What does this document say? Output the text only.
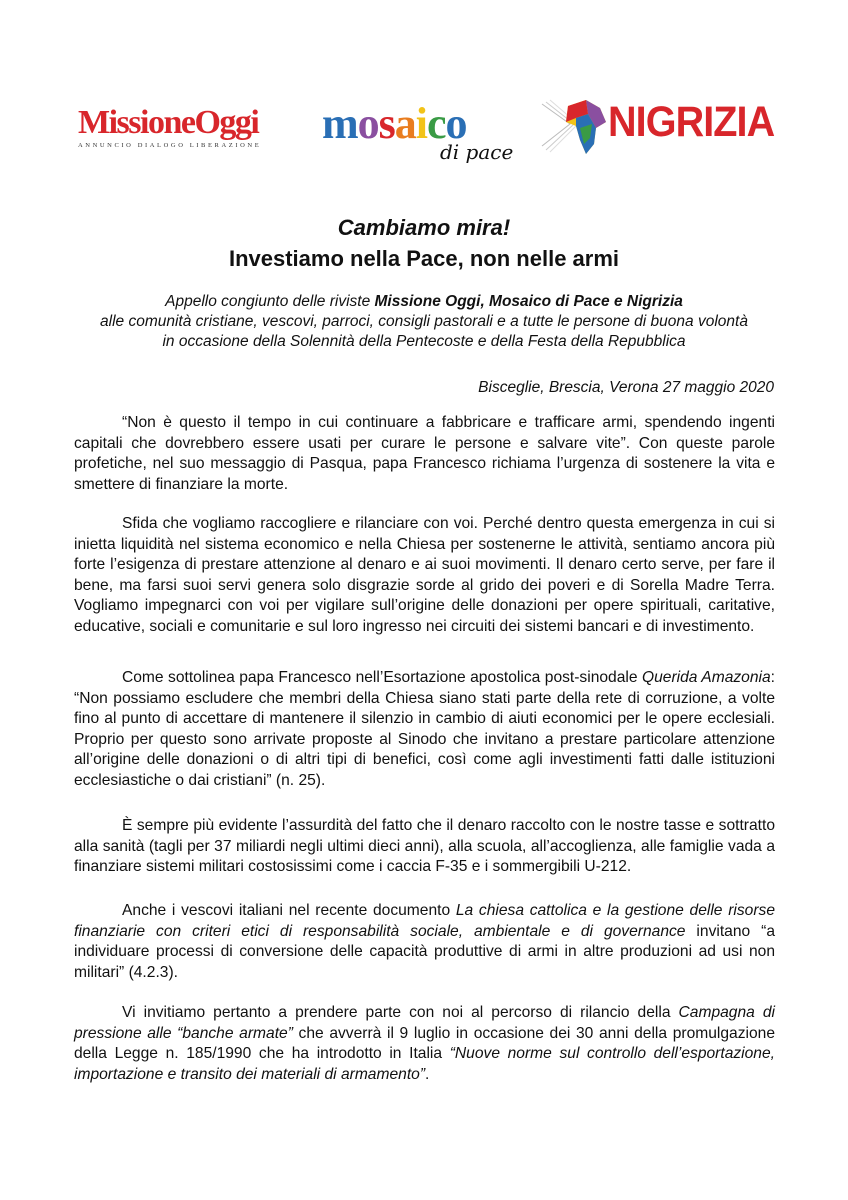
MissioneOggi
ANNUNCIO DIALOGO LIBERAZIONE mosaico
di pace
NIGRIZIA
Cambiamo mira!
Investiamo nella Pace, non nelle armi
Appello congiunto delle riviste Missione Oggi, Mosaico di Pace e Nigrizia
alle comunità cristiane, vescovi, parroci, consigli pastorali e a tutte le persone di buona volontà
in occasione della Solennità della Pentecoste e della Festa della Repubblica
Bisceglie, Brescia, Verona 27 maggio 2020

“Non è questo il tempo in cui continuare a fabbricare e trafficare armi, spendendo ingenti capitali che dovrebbero essere usati per curare le persone e salvare vite”. Con queste parole profetiche, nel suo messaggio di Pasqua, papa Francesco richiama l’urgenza di sostenere la vita e smettere di finanziare la morte.

Sfida che vogliamo raccogliere e rilanciare con voi. Perché dentro questa emergenza in cui si inietta liquidità nel sistema economico e nella Chiesa per sostenerne le attività, sentiamo ancora più forte l’esigenza di prestare attenzione al denaro e ai suoi movimenti. Il denaro certo serve, per fare il bene, ma farsi suoi servi genera solo disgrazie sorde al grido dei poveri e di Sorella Madre Terra. Vogliamo impegnarci con voi per vigilare sull’origine delle donazioni per opere spirituali, caritative, educative, sociali e comunitarie e sul loro ingresso nei circuiti dei sistemi bancari e di investimento.

Come sottolinea papa Francesco nell’Esortazione apostolica post-sinodale Querida Amazonia: “Non possiamo escludere che membri della Chiesa siano stati parte della rete di corruzione, a volte fino al punto di accettare di mantenere il silenzio in cambio di aiuti economici per le opere ecclesiali. Proprio per questo sono arrivate proposte al Sinodo che invitano a prestare particolare attenzione all’origine delle donazioni o di altri tipi di benefici, così come agli investimenti fatti dalle istituzioni ecclesiastiche o dai cristiani” (n. 25).

È sempre più evidente l’assurdità del fatto che il denaro raccolto con le nostre tasse e sottratto alla sanità (tagli per 37 miliardi negli ultimi dieci anni), alla scuola, all’accoglienza, alle famiglie vada a finanziare sistemi militari costosissimi come i caccia F-35 e i sommergibili U-212.

Anche i vescovi italiani nel recente documento La chiesa cattolica e la gestione delle risorse finanziarie con criteri etici di responsabilità sociale, ambientale e di governance invitano “a individuare processi di conversione delle capacità produttive di armi in altre produzioni ad usi non militari” (4.2.3).

Vi invitiamo pertanto a prendere parte con noi al percorso di rilancio della Campagna di pressione alle “banche armate” che avverrà il 9 luglio in occasione dei 30 anni della promulgazione della Legge n. 185/1990 che ha introdotto in Italia “Nuove norme sul controllo dell’esportazione, importazione e transito dei materiali di armamento”.
